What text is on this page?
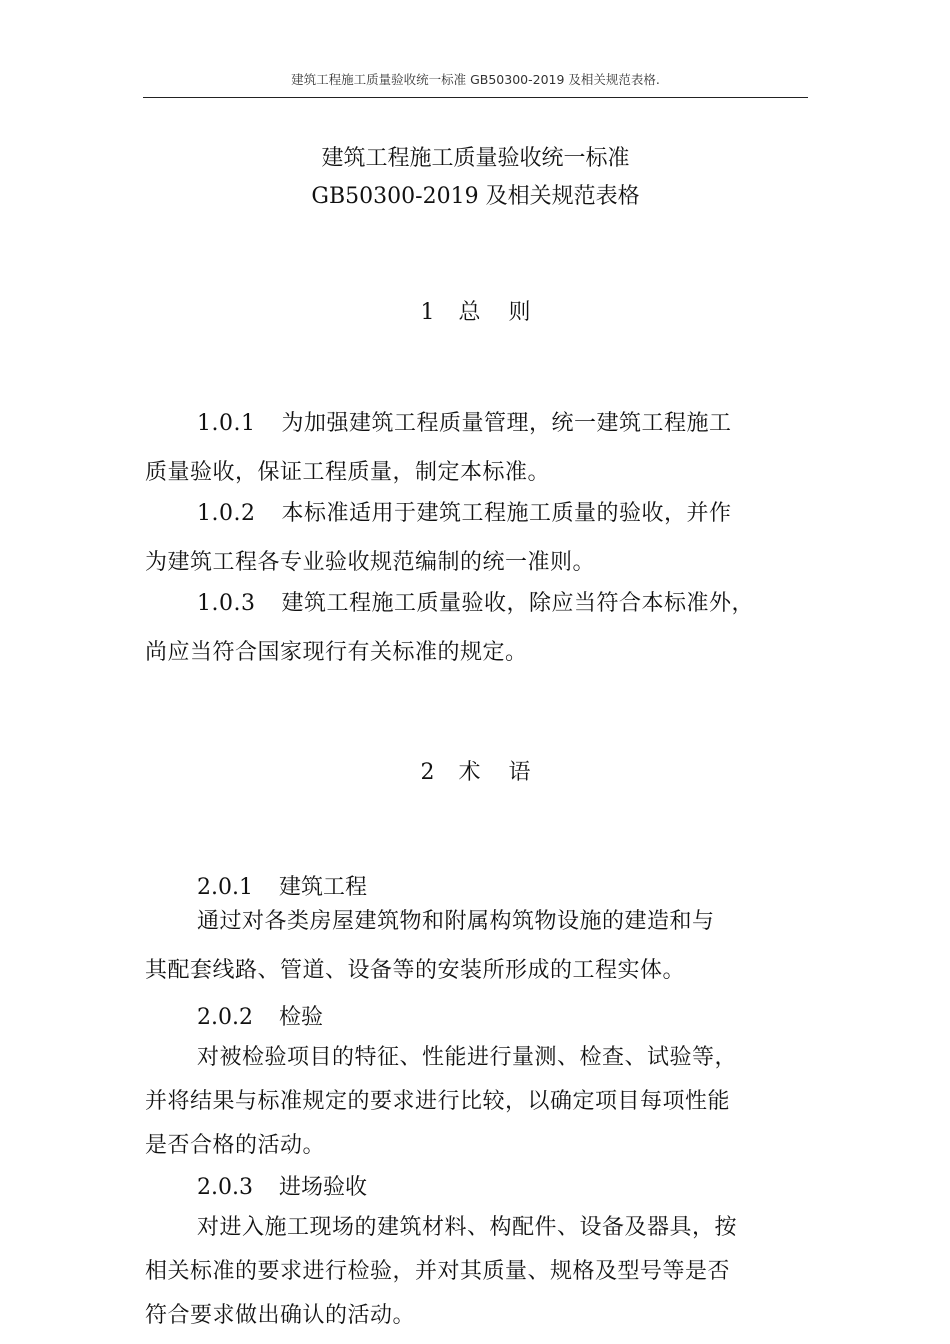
建筑工程施工质量验收统一标准 GB50300-2019 及相关规范表格.
建筑工程施工质量验收统一标准
GB50300-2019 及相关规范表格
1 总 则
1.0.1 为加强建筑工程质量管理，统一建筑工程施工
质量验收，保证工程质量，制定本标准。
1.0.2 本标准适用于建筑工程施工质量的验收，并作
为建筑工程各专业验收规范编制的统一准则。
1.0.3 建筑工程施工质量验收，除应当符合本标准外，
尚应当符合国家现行有关标准的规定。
2 术 语
2.0.1 建筑工程
通过对各类房屋建筑物和附属构筑物设施的建造和与
其配套线路、管道、设备等的安装所形成的工程实体。
2.0.2 检验
对被检验项目的特征、性能进行量测、检查、试验等，
并将结果与标准规定的要求进行比较，以确定项目每项性能
是否合格的活动。
2.0.3 进场验收
对进入施工现场的建筑材料、构配件、设备及器具，按
相关标准的要求进行检验，并对其质量、规格及型号等是否
符合要求做出确认的活动。
